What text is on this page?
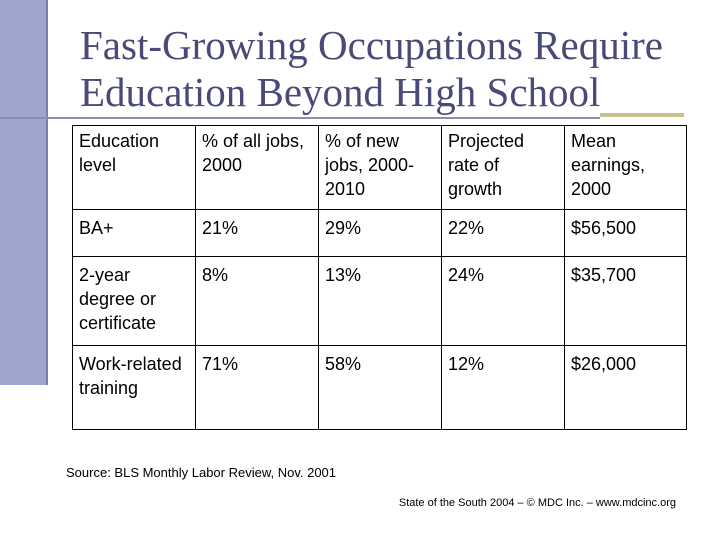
Fast-Growing Occupations Require
Education Beyond High School
Education level	% of all jobs, 2000	% of new jobs, 2000-2010	Projected rate of growth	Mean earnings, 2000
BA+	21%	29%	22%	$56,500
2-year degree or certificate	8%	13%	24%	$35,700
Work-related training	71%	58%	12%	$26,000
Source: BLS Monthly Labor Review, Nov. 2001
State of the South 2004 – © MDC Inc. – www.mdcinc.org
